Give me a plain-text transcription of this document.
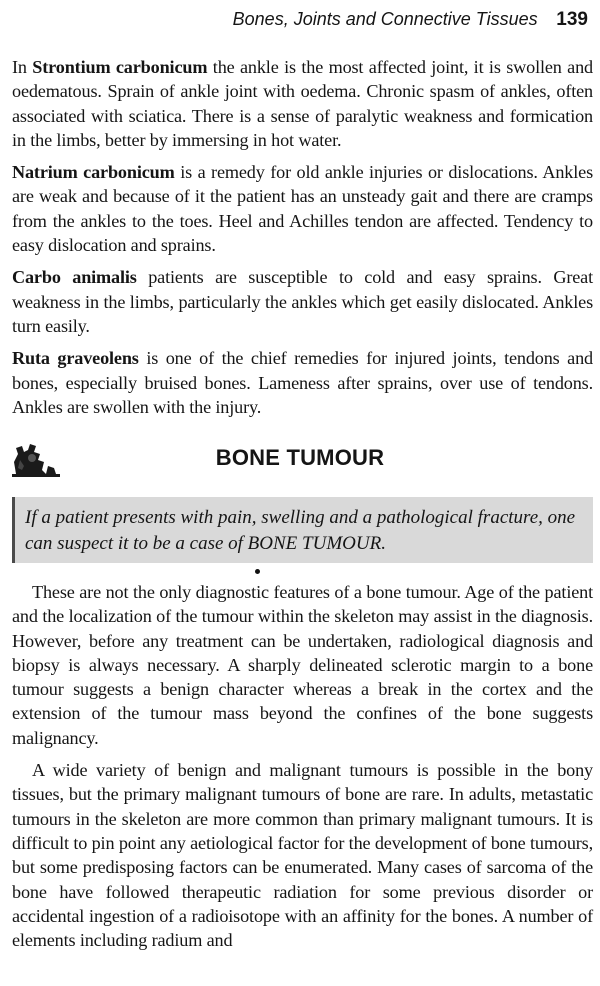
Bones, Joints and Connective Tissues 139

In Strontium carbonicum the ankle is the most affected joint, it is swollen and oedematous. Sprain of ankle joint with oedema. Chronic spasm of ankles, often associated with sciatica. There is a sense of paralytic weakness and formication in the limbs, better by immersing in hot water.

Natrium carbonicum is a remedy for old ankle injuries or dislocations. Ankles are weak and because of it the patient has an unsteady gait and there are cramps from the ankles to the toes. Heel and Achilles tendon are affected. Tendency to easy dislocation and sprains.

Carbo animalis patients are susceptible to cold and easy sprains. Great weakness in the limbs, particularly the ankles which get easily dislocated. Ankles turn easily.

Ruta graveolens is one of the chief remedies for injured joints, tendons and bones, especially bruised bones. Lameness after sprains, over use of tendons. Ankles are swollen with the injury.

BONE TUMOUR
If a patient presents with pain, swelling and a pathological fracture, one can suspect it to be a case of BONE TUMOUR.

These are not the only diagnostic features of a bone tumour. Age of the patient and the localization of the tumour within the skeleton may assist in the diagnosis. However, before any treatment can be undertaken, radiological diagnosis and biopsy is always necessary. A sharply delineated sclerotic margin to a bone tumour suggests a benign character whereas a break in the cortex and the extension of the tumour mass beyond the confines of the bone suggests malignancy.

A wide variety of benign and malignant tumours is possible in the bony tissues, but the primary malignant tumours of bone are rare. In adults, metastatic tumours in the skeleton are more common than primary malignant tumours. It is difficult to pin point any aetiological factor for the development of bone tumours, but some predisposing factors can be enumerated. Many cases of sarcoma of the bone have followed therapeutic radiation for some previous disorder or accidental ingestion of a radioisotope with an affinity for the bones. A number of elements including radium and
